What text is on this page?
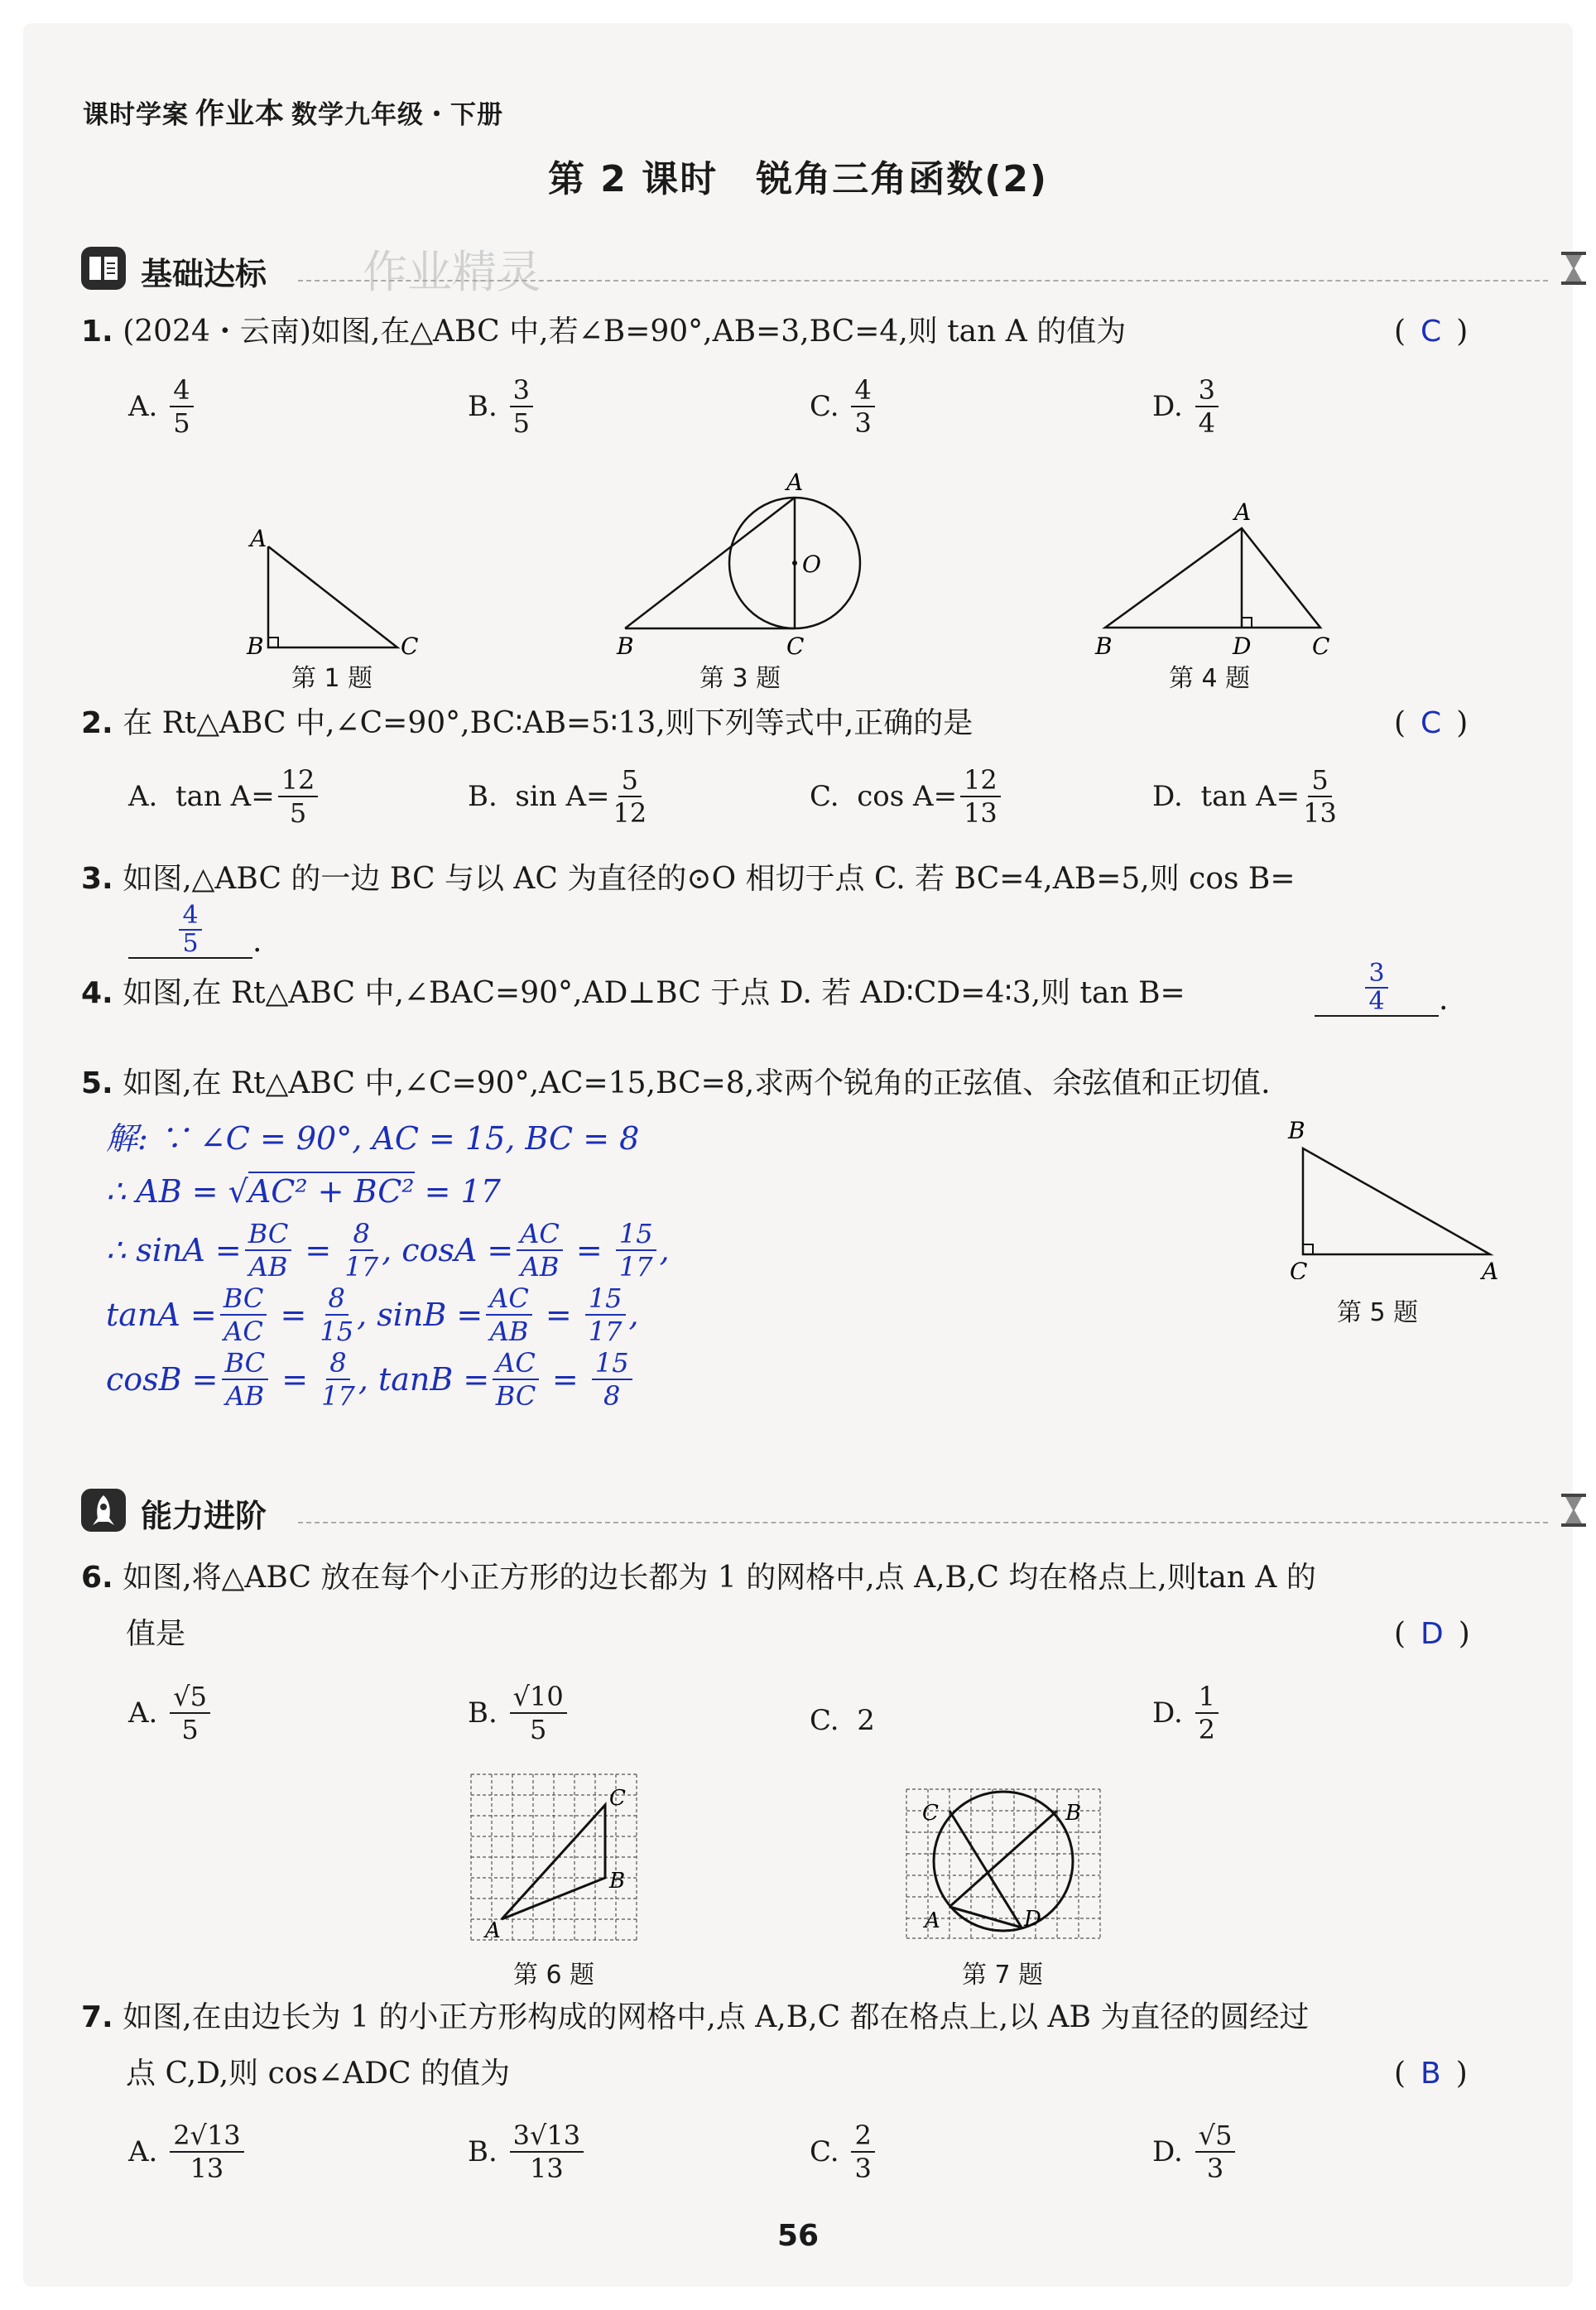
课时学案 作业本 数学九年级・下册
第 2 课时　锐角三角函数(2)
基础达标 作业精灵
1. (2024・云南)如图,在△ABC 中,若∠B=90°,AB=3,BC=4,则 tan A 的值为	( C )
A.
$\frac{4}{5}$	B.
$\frac{3}{5}$	C.
$\frac{4}{3}$	D.
$\frac{3}{4}$
A
B	C
第 1 题
A
O
B	C
第 3 题
A
B	D	C
第 4 题
2. 在 Rt△ABC 中,∠C=90°,BC∶AB=5∶13,则下列等式中,正确的是	( C )
A.
$\tan A= \frac{12}{5}$	B.
$\sin A= \frac{5}{12}$	C.
$\cos A= \frac{12}{13}$	D.
$\tan A= \frac{5}{13}$
3. 如图,△ABC 的一边 BC 与以 AC 为直径的⊙O 相切于点 C. 若 BC=4,AB=5,则 cos B=
$\frac{4}{5}$ .
4. 如图,在 Rt△ABC 中,∠BAC=90°,AD⊥BC 于点 D. 若 AD∶CD=4∶3,则 tan B=	$\frac{3}{4}$ .
5. 如图,在 Rt△ABC 中,∠C=90°,AC=15,BC=8,求两个锐角的正弦值、余弦值和正切值.
解: ∵ ∠C = 90°, AC = 15, BC = 8
∴ AB = √AC² + BC² = 17
∴ $\sin A = \frac{BC}{AB} = \frac{8}{17}$ , $\cos A = \frac{AC}{AB} = \frac{15}{17}$ ,
$\tan A = \frac{BC}{AC} = \frac{8}{15}$ , $\sin B = \frac{AC}{AB} = \frac{15}{17}$ ,
$\cos B = \frac{BC}{AB} = \frac{8}{17}$ , $\tan B = \frac{AC}{BC} = \frac{15}{8}$
B
C	A
第 5 题
能力进阶
6. 如图,将△ABC 放在每个小正方形的边长都为 1 的网格中,点 A,B,C 均在格点上,则tan A 的
值是	( D )
A.
$\frac{√5}{5}$	B.
$\frac{√10}{5}$	C.
2	D.
$\frac{1}{2}$
A
B
C
第 6 题
C	B
A	D
第 7 题
7. 如图,在由边长为 1 的小正方形构成的网格中,点 A,B,C 都在格点上,以 AB 为直径的圆经过
点 C,D,则 cos∠ADC 的值为	( B )
A.
$\frac{2√13}{13}$	B.
$\frac{3√13}{13}$	C.
$\frac{2}{3}$	D.
$\frac{√5}{3}$
56
